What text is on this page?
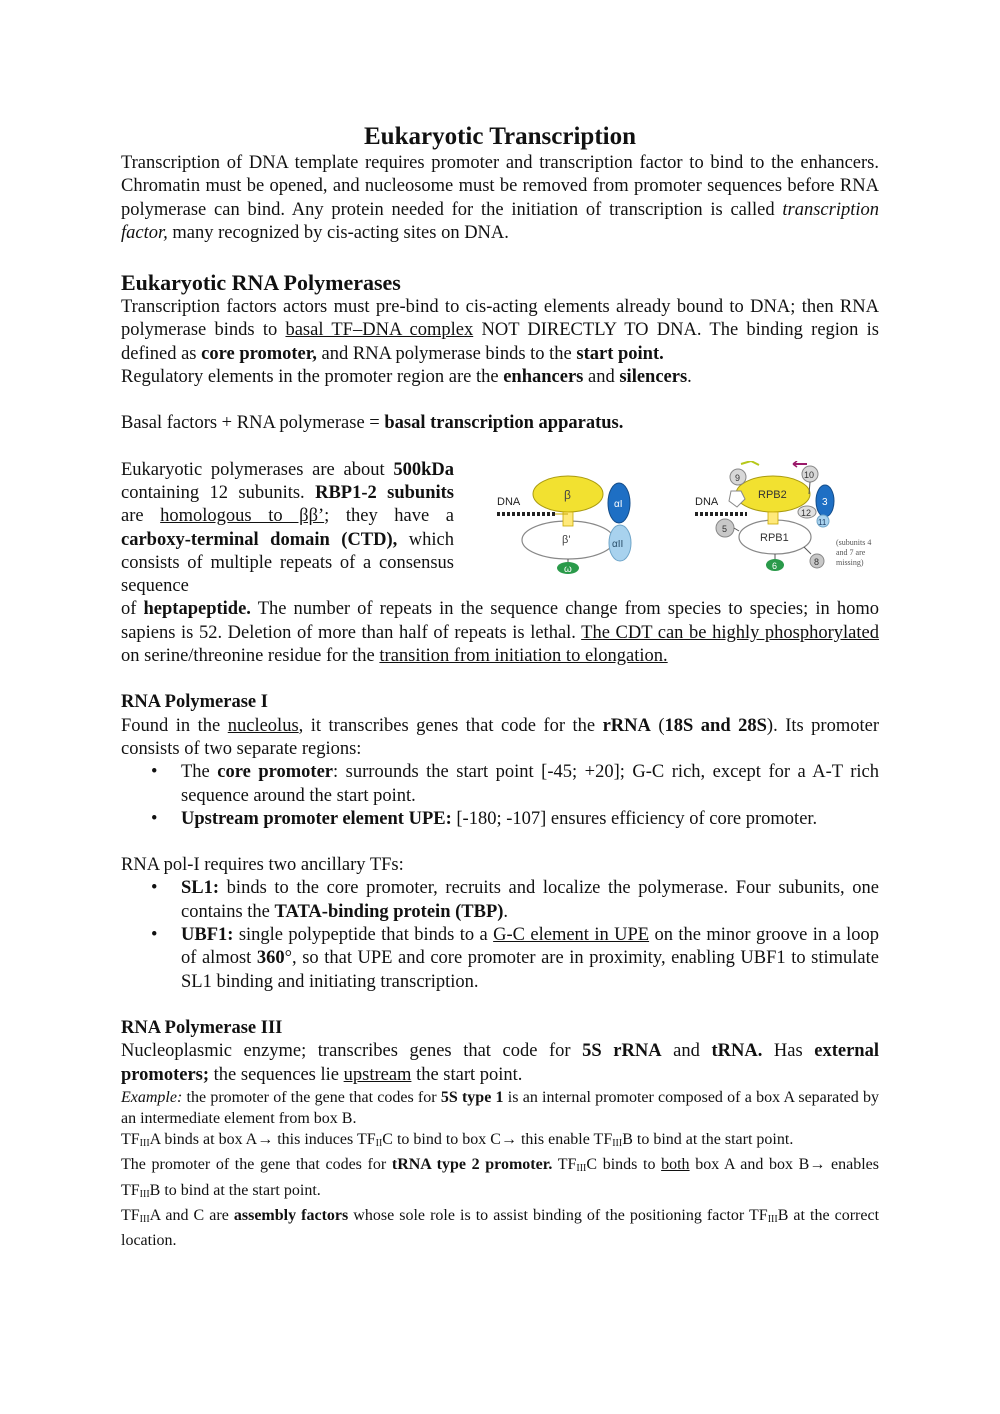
Eukaryotic Transcription

Transcription of DNA template requires promoter and transcription factor to bind to the enhancers. Chromatin must be opened, and nucleosome must be removed from promoter sequences before RNA polymerase can bind. Any protein needed for the initiation of transcription is called transcription factor, many recognized by cis-acting sites on DNA.

Eukaryotic RNA Polymerases

Transcription factors actors must pre-bind to cis-acting elements already bound to DNA; then RNA polymerase binds to basal TF–DNA complex NOT DIRECTLY TO DNA. The binding region is defined as core promoter, and RNA polymerase binds to the start point.

Regulatory elements in the promoter region are the enhancers and silencers.

Basal factors + RNA polymerase = basal transcription apparatus.

Eukaryotic polymerases are about 500kDa containing 12 subunits. RBP1-2 subunits are homologous to ββ’; they have a carboxy-terminal domain (CTD), which consists of multiple repeats of a consensus sequence

DNA	β
β'
αI
αII
ω
DNA
RPB2
RPB1
9	10
3
12
11
5
6	8
(subunits 4
and 7 are
missing)

of heptapeptide. The number of repeats in the sequence change from species to species; in homo sapiens is 52. Deletion of more than half of repeats is lethal. The CDT can be highly phosphorylated on serine/threonine residue for the transition from initiation to elongation.

RNA Polymerase I

Found in the nucleolus, it transcribes genes that code for the rRNA (18S and 28S). Its promoter consists of two separate regions:

• The core promoter: surrounds the start point [-45; +20]; G-C rich, except for a A-T rich sequence around the start point.
• Upstream promoter element UPE: [-180; -107] ensures efficiency of core promoter.

RNA pol-I requires two ancillary TFs:

• SL1: binds to the core promoter, recruits and localize the polymerase. Four subunits, one contains the TATA-binding protein (TBP).
• UBF1: single polypeptide that binds to a G-C element in UPE on the minor groove in a loop of almost 360°, so that UPE and core promoter are in proximity, enabling UBF1 to stimulate SL1 binding and initiating transcription.
RNA Polymerase III

Nucleoplasmic enzyme; transcribes genes that code for 5S rRNA and tRNA. Has external promoters; the sequences lie upstream the start point.

Example: the promoter of the gene that codes for 5S type 1 is an internal promoter composed of a box A separated by an intermediate element from box B.

$TF_{III}A$ binds at box A→ this induces $TF_{II}C$ to bind to box C→ this enable $TF_{III}B$ to bind at the start point.

The promoter of the gene that codes for tRNA type 2 promoter. $TF_{III}C$ binds to both box A and box B→ enables $TF_{III}B$ to bind at the start point.

$TF_{III}A$ and C are assembly factors whose sole role is to assist binding of the positioning factor $TF_{III}B$ at the correct location.
